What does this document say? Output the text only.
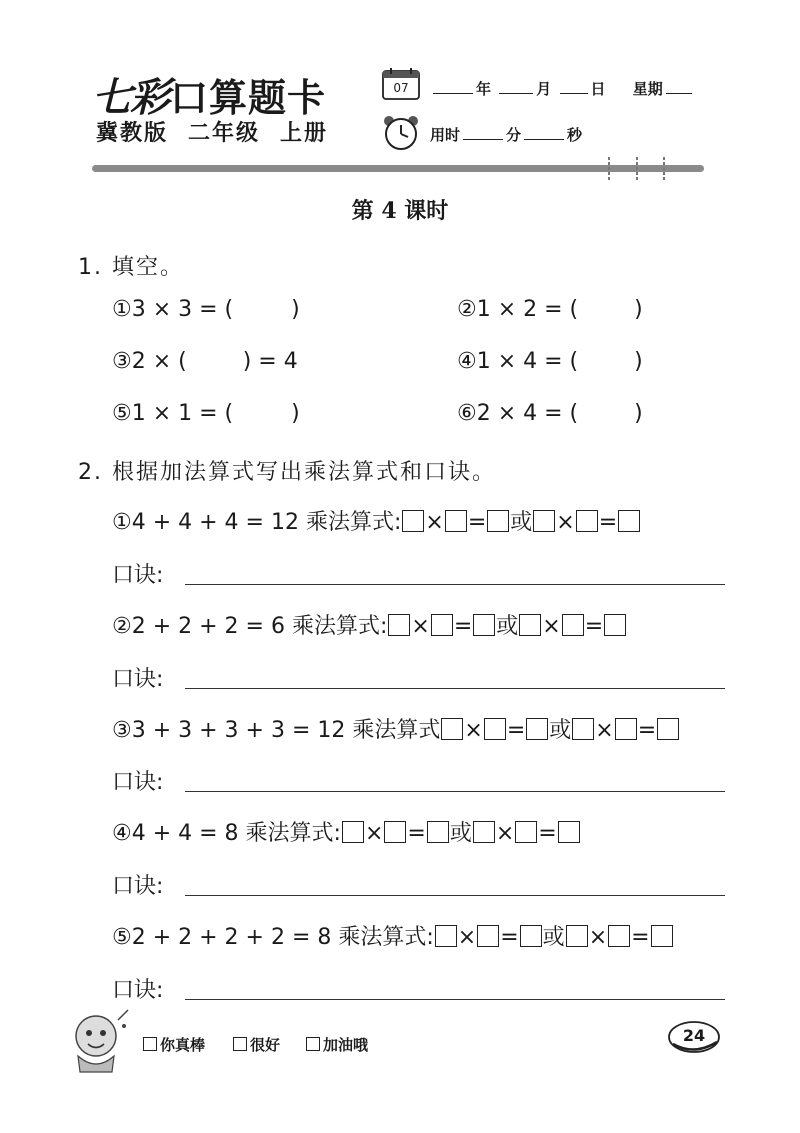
七彩口算题卡
冀教版 二年级 上册
07	年	月	日 星期
用时	分	秒
第 4 课时
1. 填空。
①3 × 3 = (	)	②1 × 2 = (	)
③2 × (	) = 4	④1 × 4 = (	)
⑤1 × 1 = (	)	⑥2 × 4 = (	)
2. 根据加法算式写出乘法算式和口诀。
①4 + 4 + 4 = 12 乘法算式: × = 或 × =
口诀:
②2 + 2 + 2 = 6 乘法算式: × = 或 × =
口诀:
③3 + 3 + 3 + 3 = 12 乘法算式 × = 或 × =
口诀:
④4 + 4 = 8 乘法算式: × = 或 × =
口诀:
⑤2 + 2 + 2 + 2 = 8 乘法算式: × = 或 × =
口诀:
你真棒	很好	加油哦	24
